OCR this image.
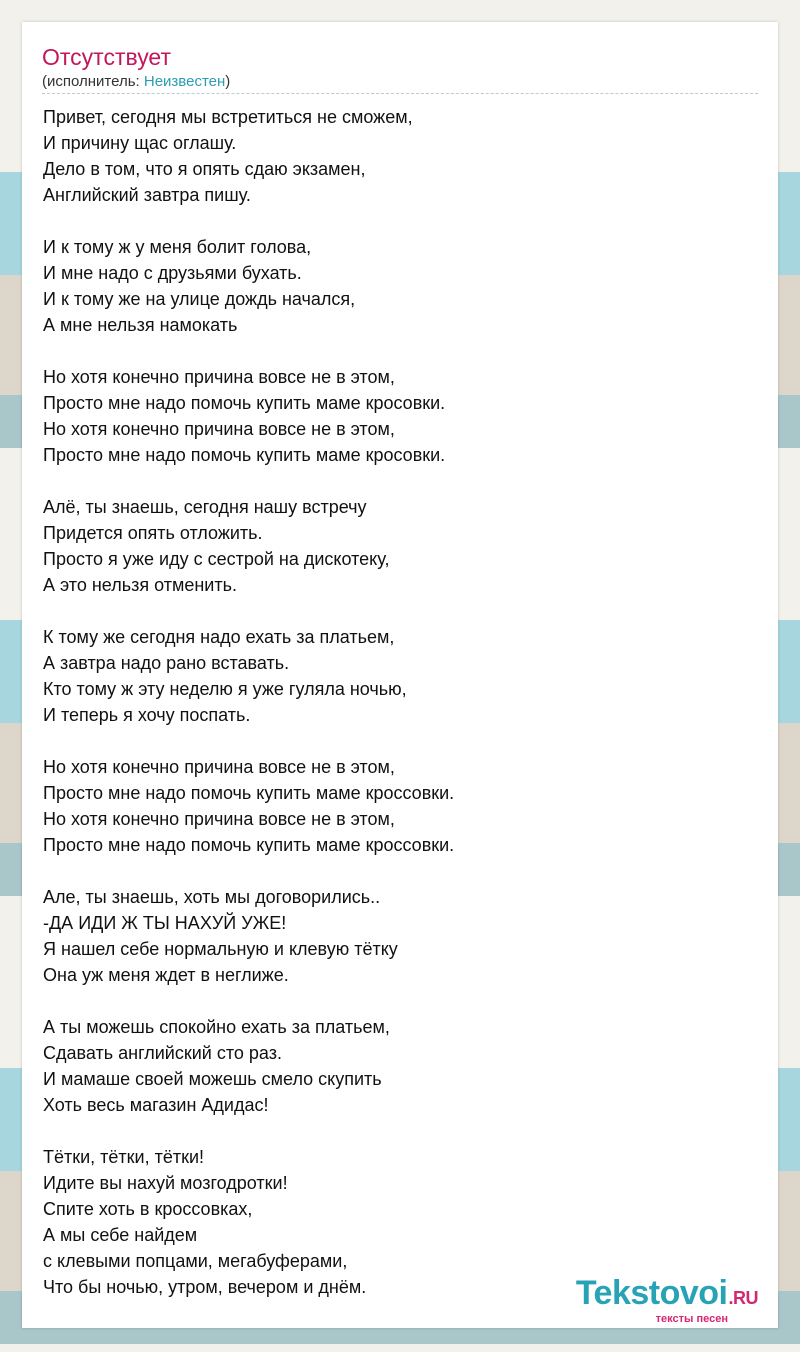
Отсутствует
(исполнитель: Неизвестен)
Привет, сегодня мы встретиться не сможем,
И причину щас оглашу.
Дело в том, что я опять сдаю экзамен,
Английский завтра пишу.
И к тому ж у меня болит голова,
И мне надо с друзьями бухать.
И к тому же на улице дождь начался,
А мне нельзя намокать
Но хотя конечно причина вовсе не в этом,
Просто мне надо помочь купить маме кросовки.
Но хотя конечно причина вовсе не в этом,
Просто мне надо помочь купить маме кросовки.
Алё, ты знаешь, сегодня нашу встречу
Придется опять отложить.
Просто я уже иду с сестрой на дискотеку,
А это нельзя отменить.
К тому же сегодня надо ехать за платьем,
А завтра надо рано вставать.
Кто тому ж эту неделю я уже гуляла ночью,
И теперь я хочу поспать.
Но хотя конечно причина вовсе не в этом,
Просто мне надо помочь купить маме кроссовки.
Но хотя конечно причина вовсе не в этом,
Просто мне надо помочь купить маме кроссовки.
Але, ты знаешь, хоть мы договорились..
-ДА ИДИ Ж ТЫ НАХУЙ УЖЕ!
Я нашел себе нормальную и клевую тётку
Она уж меня ждет в неглиже.
А ты можешь спокойно ехать за платьем,
Сдавать английский сто раз.
И мамаше своей можешь смело скупить
Хоть весь магазин Адидас!
Тётки, тётки, тётки!
Идите вы нахуй мозгодротки!
Спите хоть в кроссовках,
А мы себе найдем
с клевыми попцами, мегабуферами,
Что бы ночью, утром, вечером и днём.	Tekstovoi.RU
тексты песен
